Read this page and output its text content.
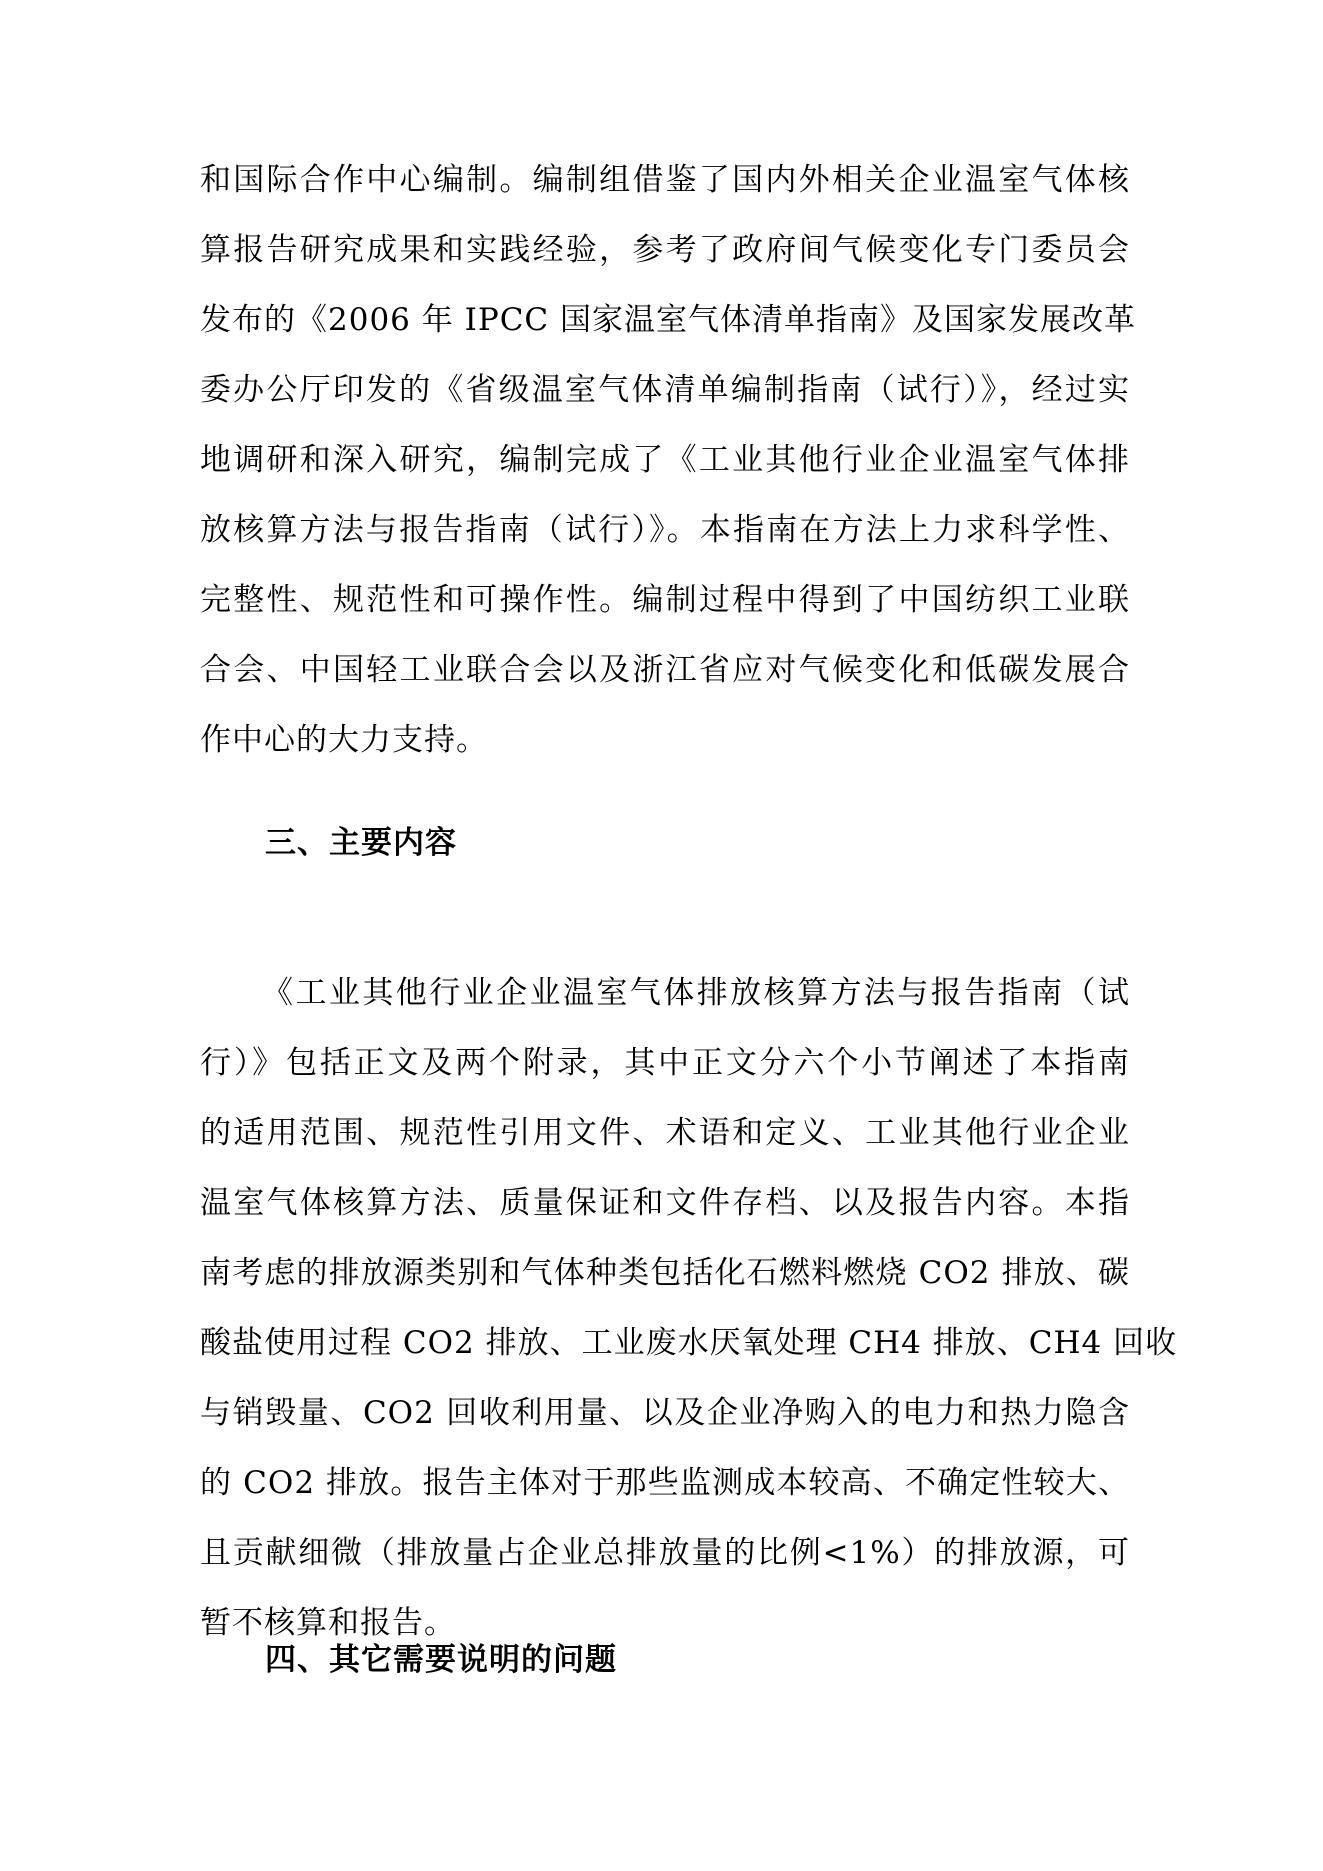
和国际合作中心编制。编制组借鉴了国内外相关企业温室气体核
算报告研究成果和实践经验，参考了政府间气候变化专门委员会
发布的《2006 年 IPCC 国家温室气体清单指南》及国家发展改革
委办公厅印发的《省级温室气体清单编制指南（试行）》，经过实
地调研和深入研究，编制完成了《工业其他行业企业温室气体排
放核算方法与报告指南（试行）》。本指南在方法上力求科学性、
完整性、规范性和可操作性。编制过程中得到了中国纺织工业联
合会、中国轻工业联合会以及浙江省应对气候变化和低碳发展合
作中心的大力支持。
三、主要内容
《工业其他行业企业温室气体排放核算方法与报告指南（试
行）》包括正文及两个附录，其中正文分六个小节阐述了本指南
的适用范围、规范性引用文件、术语和定义、工业其他行业企业
温室气体核算方法、质量保证和文件存档、以及报告内容。本指
南考虑的排放源类别和气体种类包括化石燃料燃烧 CO2 排放、碳
酸盐使用过程 CO2 排放、工业废水厌氧处理 CH4 排放、CH4 回收
与销毁量、CO2 回收利用量、以及企业净购入的电力和热力隐含
的 CO2 排放。报告主体对于那些监测成本较高、不确定性较大、
且贡献细微（排放量占企业总排放量的比例<1%）的排放源，可
暂不核算和报告。
四、其它需要说明的问题
